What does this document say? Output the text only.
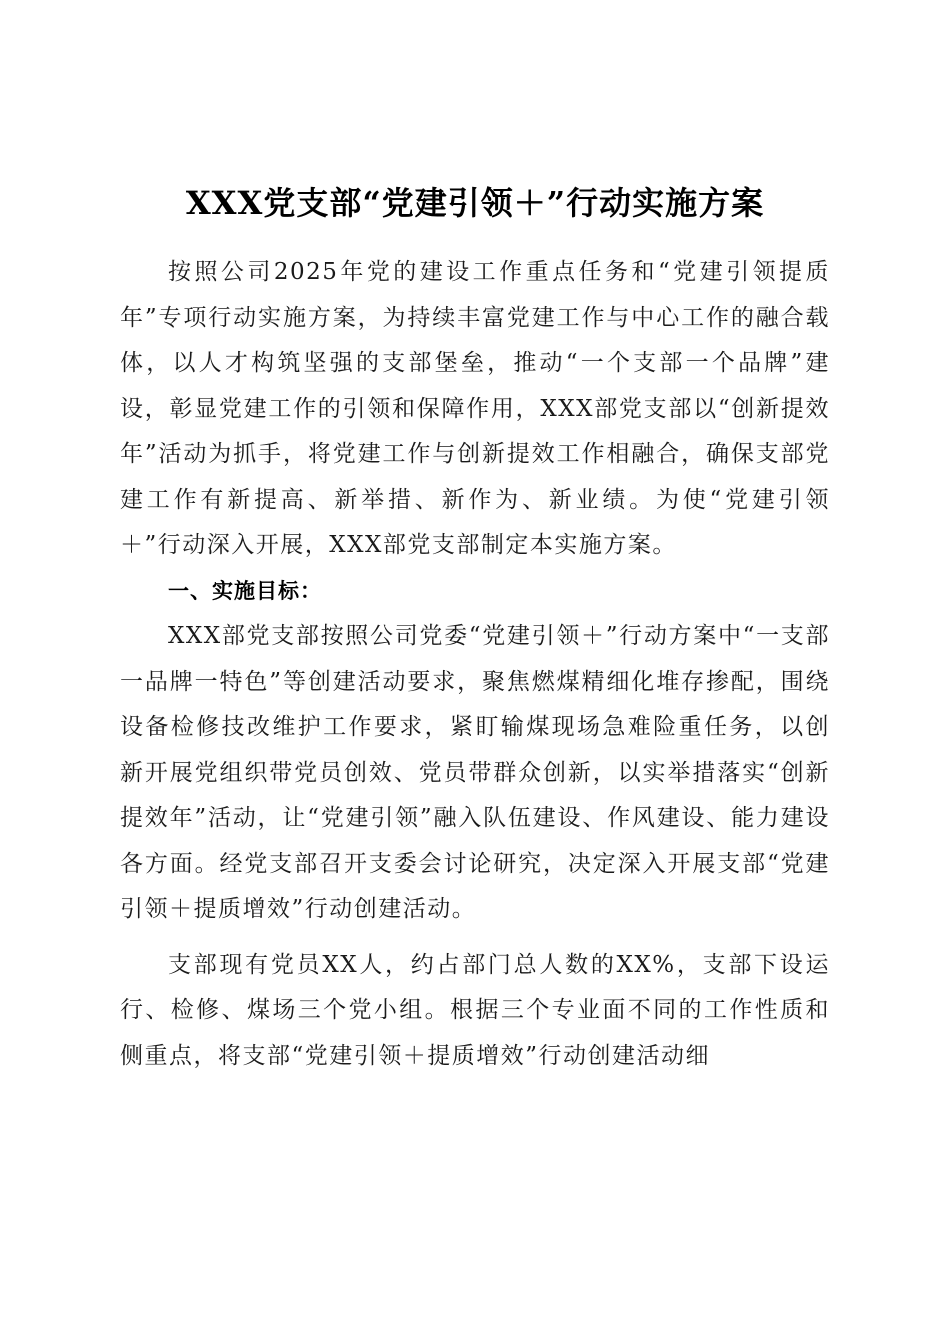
XXX党支部“党建引领＋”行动实施方案

按照公司2025年党的建设工作重点任务和“党建引领提质年”专项行动实施方案，为持续丰富党建工作与中心工作的融合载体，以人才构筑坚强的支部堡垒，推动“一个支部一个品牌”建设，彰显党建工作的引领和保障作用，XXX部党支部以“创新提效年”活动为抓手，将党建工作与创新提效工作相融合，确保支部党建工作有新提高、新举措、新作为、新业绩。为使“党建引领＋”行动深入开展，XXX部党支部制定本实施方案。

一、实施目标：

XXX部党支部按照公司党委“党建引领＋”行动方案中“一支部一品牌一特色”等创建活动要求，聚焦燃煤精细化堆存掺配，围绕设备检修技改维护工作要求，紧盯输煤现场急难险重任务，以创新开展党组织带党员创效、党员带群众创新，以实举措落实“创新提效年”活动，让“党建引领”融入队伍建设、作风建设、能力建设各方面。经党支部召开支委会讨论研究，决定深入开展支部“党建引领＋提质增效”行动创建活动。

支部现有党员XX人，约占部门总人数的XX%，支部下设运行、检修、煤场三个党小组。根据三个专业面不同的工作性质和侧重点，将支部“党建引领＋提质增效”行动创建活动细
